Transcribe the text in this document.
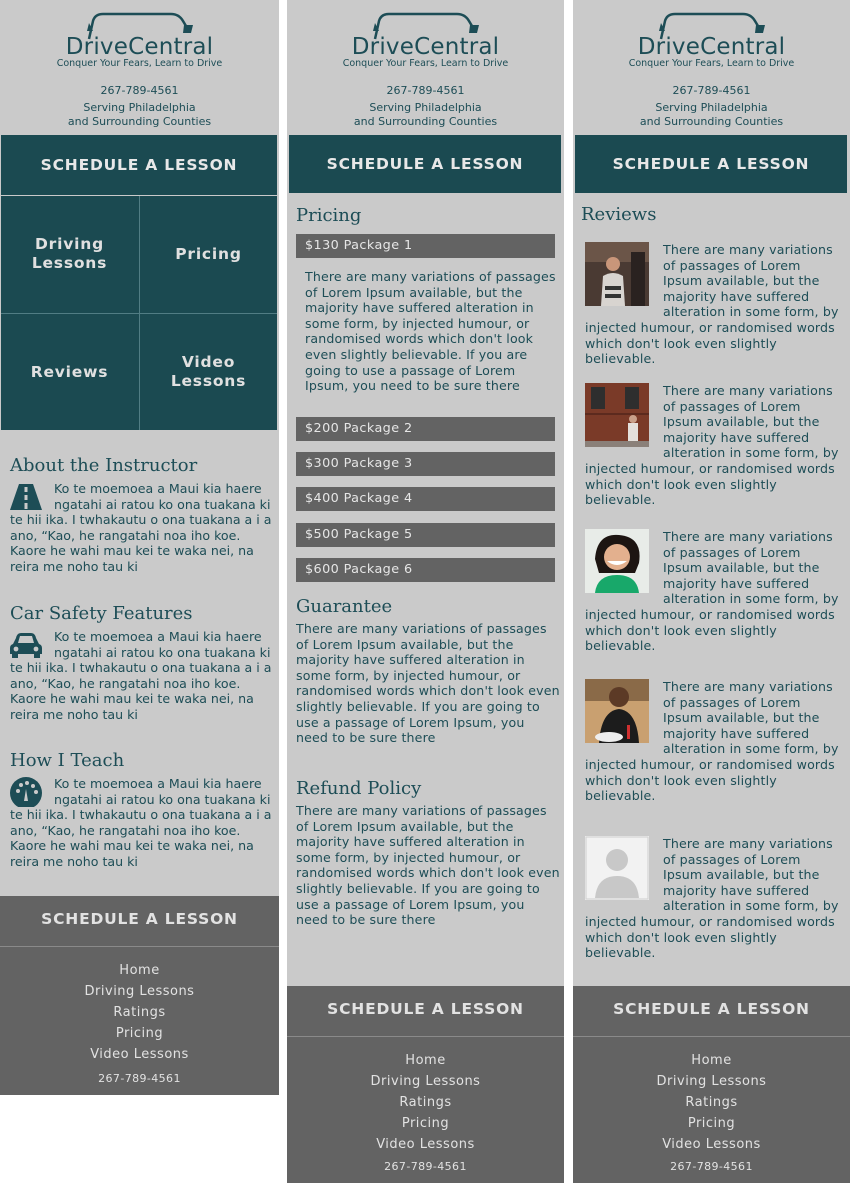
DriveCentral
Conquer Your Fears, Learn to Drive
267-789-4561
Serving Philadelphia
and Surrounding Counties
SCHEDULE A LESSON
Driving
Lessons
Pricing
Reviews
Video
Lessons
About the Instructor
Ko te moemoea a Maui kia haere ngatahi ai ratou ko ona tuakana ki te hii ika. I twhakautu o ona tuakana a i a ano, “Kao, he rangatahi noa iho koe. Kaore he wahi mau kei te waka nei, na reira me noho tau ki
Car Safety Features
Ko te moemoea a Maui kia haere ngatahi ai ratou ko ona tuakana ki te hii ika. I twhakautu o ona tuakana a i a ano, “Kao, he rangatahi noa iho koe. Kaore he wahi mau kei te waka nei, na reira me noho tau ki
How I Teach
Ko te moemoea a Maui kia haere ngatahi ai ratou ko ona tuakana ki te hii ika. I twhakautu o ona tuakana a i a ano, “Kao, he rangatahi noa iho koe. Kaore he wahi mau kei te waka nei, na reira me noho tau ki
SCHEDULE A LESSON
Home
Driving Lessons
Ratings
Pricing
Video Lessons
267-789-4561
DriveCentral
Conquer Your Fears, Learn to Drive
267-789-4561
Serving Philadelphia
and Surrounding Counties
SCHEDULE A LESSON
Pricing
$130 Package 1
There are many variations of passages of Lorem Ipsum available, but the majority have suffered alteration in some form, by injected humour, or randomised words which don't look even slightly believable. If you are going to use a passage of Lorem Ipsum, you need to be sure there
$200 Package 2
$300 Package 3
$400 Package 4
$500 Package 5
$600 Package 6
Guarantee
There are many variations of passages of Lorem Ipsum available, but the majority have suffered alteration in some form, by injected humour, or randomised words which don't look even slightly believable. If you are going to use a passage of Lorem Ipsum, you need to be sure there
Refund Policy
There are many variations of passages of Lorem Ipsum available, but the majority have suffered alteration in some form, by injected humour, or randomised words which don't look even slightly believable. If you are going to use a passage of Lorem Ipsum, you need to be sure there
SCHEDULE A LESSON
Home
Driving Lessons
Ratings
Pricing
Video Lessons
267-789-4561
DriveCentral
Conquer Your Fears, Learn to Drive
267-789-4561
Serving Philadelphia
and Surrounding Counties
SCHEDULE A LESSON
Reviews
There are many variations of passages of Lorem Ipsum available, but the majority have suffered alteration in some form, by injected humour, or randomised words which don't look even slightly believable.
There are many variations of passages of Lorem Ipsum available, but the majority have suffered alteration in some form, by injected humour, or randomised words which don't look even slightly believable.
There are many variations of passages of Lorem Ipsum available, but the majority have suffered alteration in some form, by injected humour, or randomised words which don't look even slightly believable.
There are many variations of passages of Lorem Ipsum available, but the majority have suffered alteration in some form, by injected humour, or randomised words which don't look even slightly believable.
There are many variations of passages of Lorem Ipsum available, but the majority have suffered alteration in some form, by injected humour, or randomised words which don't look even slightly believable.
SCHEDULE A LESSON
Home
Driving Lessons
Ratings
Pricing
Video Lessons
267-789-4561
